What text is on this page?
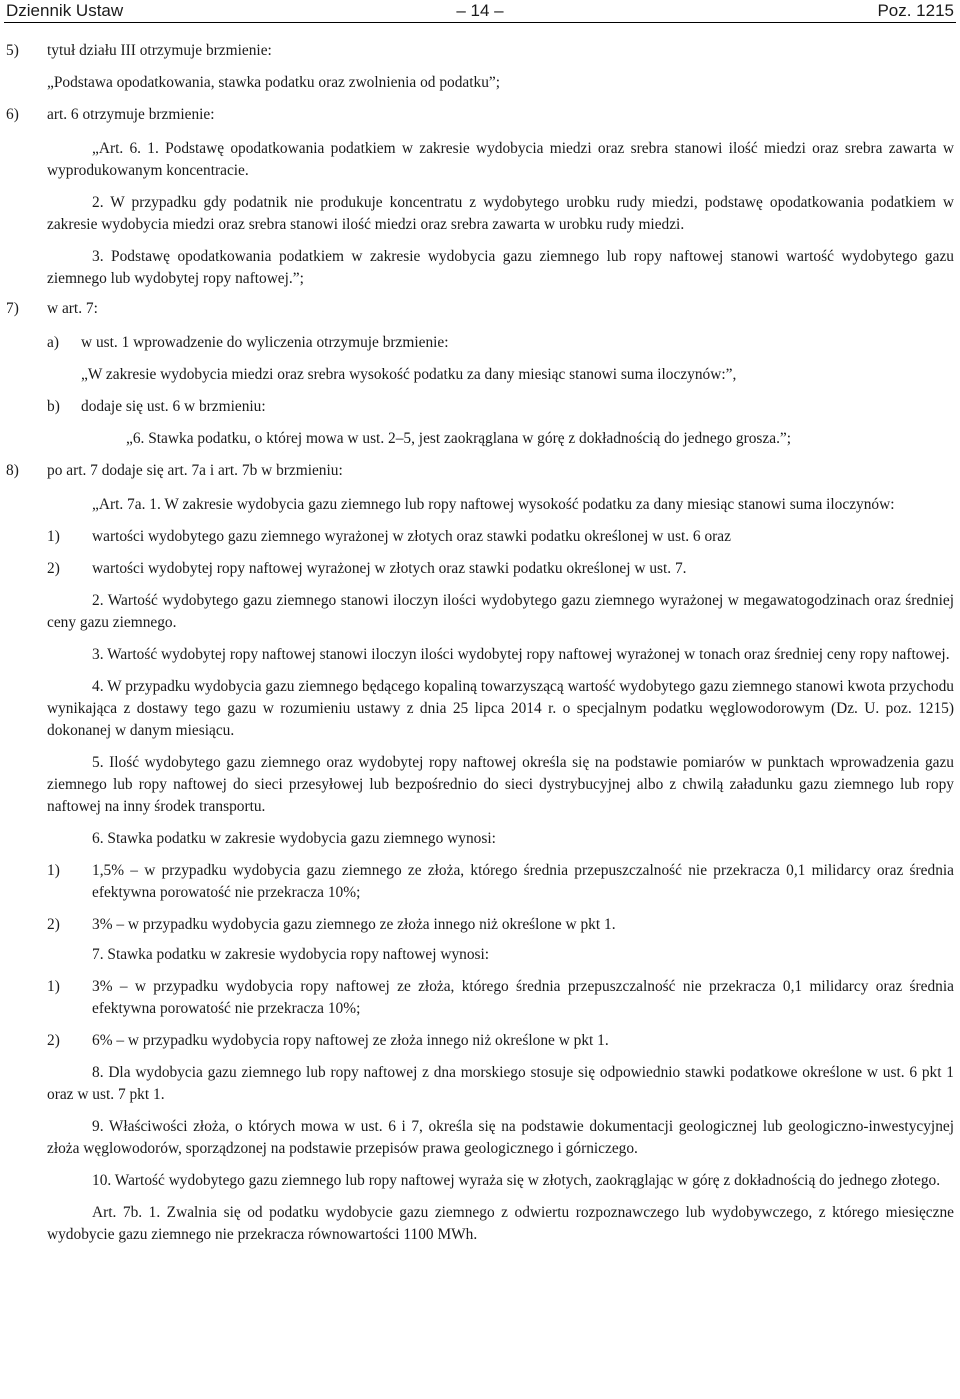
Dziennik Ustaw	– 14 –	Poz. 1215
5) tytuł działu III otrzymuje brzmienie:
„Podstawa opodatkowania, stawka podatku oraz zwolnienia od podatku”;
6) art. 6 otrzymuje brzmienie:
„Art. 6. 1. Podstawę opodatkowania podatkiem w zakresie wydobycia miedzi oraz srebra stanowi ilość miedzi oraz srebra zawarta w wyprodukowanym koncentracie.
2. W przypadku gdy podatnik nie produkuje koncentratu z wydobytego urobku rudy miedzi, podstawę opodatkowania podatkiem w zakresie wydobycia miedzi oraz srebra stanowi ilość miedzi oraz srebra zawarta w urobku rudy miedzi.
3. Podstawę opodatkowania podatkiem w zakresie wydobycia gazu ziemnego lub ropy naftowej stanowi wartość wydobytego gazu ziemnego lub wydobytej ropy naftowej.”;
7) w art. 7:
a) w ust. 1 wprowadzenie do wyliczenia otrzymuje brzmienie:
„W zakresie wydobycia miedzi oraz srebra wysokość podatku za dany miesiąc stanowi suma iloczynów:”,
b) dodaje się ust. 6 w brzmieniu:
„6. Stawka podatku, o której mowa w ust. 2–5, jest zaokrąglana w górę z dokładnością do jednego grosza.”;
8) po art. 7 dodaje się art. 7a i art. 7b w brzmieniu:
„Art. 7a. 1. W zakresie wydobycia gazu ziemnego lub ropy naftowej wysokość podatku za dany miesiąc stanowi suma iloczynów:
1) wartości wydobytego gazu ziemnego wyrażonej w złotych oraz stawki podatku określonej w ust. 6 oraz
2) wartości wydobytej ropy naftowej wyrażonej w złotych oraz stawki podatku określonej w ust. 7.
2. Wartość wydobytego gazu ziemnego stanowi iloczyn ilości wydobytego gazu ziemnego wyrażonej w megawatogodzinach oraz średniej ceny gazu ziemnego.
3. Wartość wydobytej ropy naftowej stanowi iloczyn ilości wydobytej ropy naftowej wyrażonej w tonach oraz średniej ceny ropy naftowej.
4. W przypadku wydobycia gazu ziemnego będącego kopaliną towarzyszącą wartość wydobytego gazu ziemnego stanowi kwota przychodu wynikająca z dostawy tego gazu w rozumieniu ustawy z dnia 25 lipca 2014 r. o specjalnym podatku węglowodorowym (Dz. U. poz. 1215) dokonanej w danym miesiącu.
5. Ilość wydobytego gazu ziemnego oraz wydobytej ropy naftowej określa się na podstawie pomiarów w punktach wprowadzenia gazu ziemnego lub ropy naftowej do sieci przesyłowej lub bezpośrednio do sieci dystrybucyjnej albo z chwilą załadunku gazu ziemnego lub ropy naftowej na inny środek transportu.
6. Stawka podatku w zakresie wydobycia gazu ziemnego wynosi:
1) 1,5% – w przypadku wydobycia gazu ziemnego ze złoża, którego średnia przepuszczalność nie przekracza 0,1 milidarcy oraz średnia efektywna porowatość nie przekracza 10%;
2) 3% – w przypadku wydobycia gazu ziemnego ze złoża innego niż określone w pkt 1.
7. Stawka podatku w zakresie wydobycia ropy naftowej wynosi:
1) 3% – w przypadku wydobycia ropy naftowej ze złoża, którego średnia przepuszczalność nie przekracza 0,1 milidarcy oraz średnia efektywna porowatość nie przekracza 10%;
2) 6% – w przypadku wydobycia ropy naftowej ze złoża innego niż określone w pkt 1.
8. Dla wydobycia gazu ziemnego lub ropy naftowej z dna morskiego stosuje się odpowiednio stawki podatkowe określone w ust. 6 pkt 1 oraz w ust. 7 pkt 1.
9. Właściwości złoża, o których mowa w ust. 6 i 7, określa się na podstawie dokumentacji geologicznej lub geologiczno-inwestycyjnej złoża węglowodorów, sporządzonej na podstawie przepisów prawa geologicznego i górniczego.
10. Wartość wydobytego gazu ziemnego lub ropy naftowej wyraża się w złotych, zaokrąglając w górę z dokładnością do jednego złotego.
Art. 7b. 1. Zwalnia się od podatku wydobycie gazu ziemnego z odwiertu rozpoznawczego lub wydobywczego, z którego miesięczne wydobycie gazu ziemnego nie przekracza równowartości 1100 MWh.
